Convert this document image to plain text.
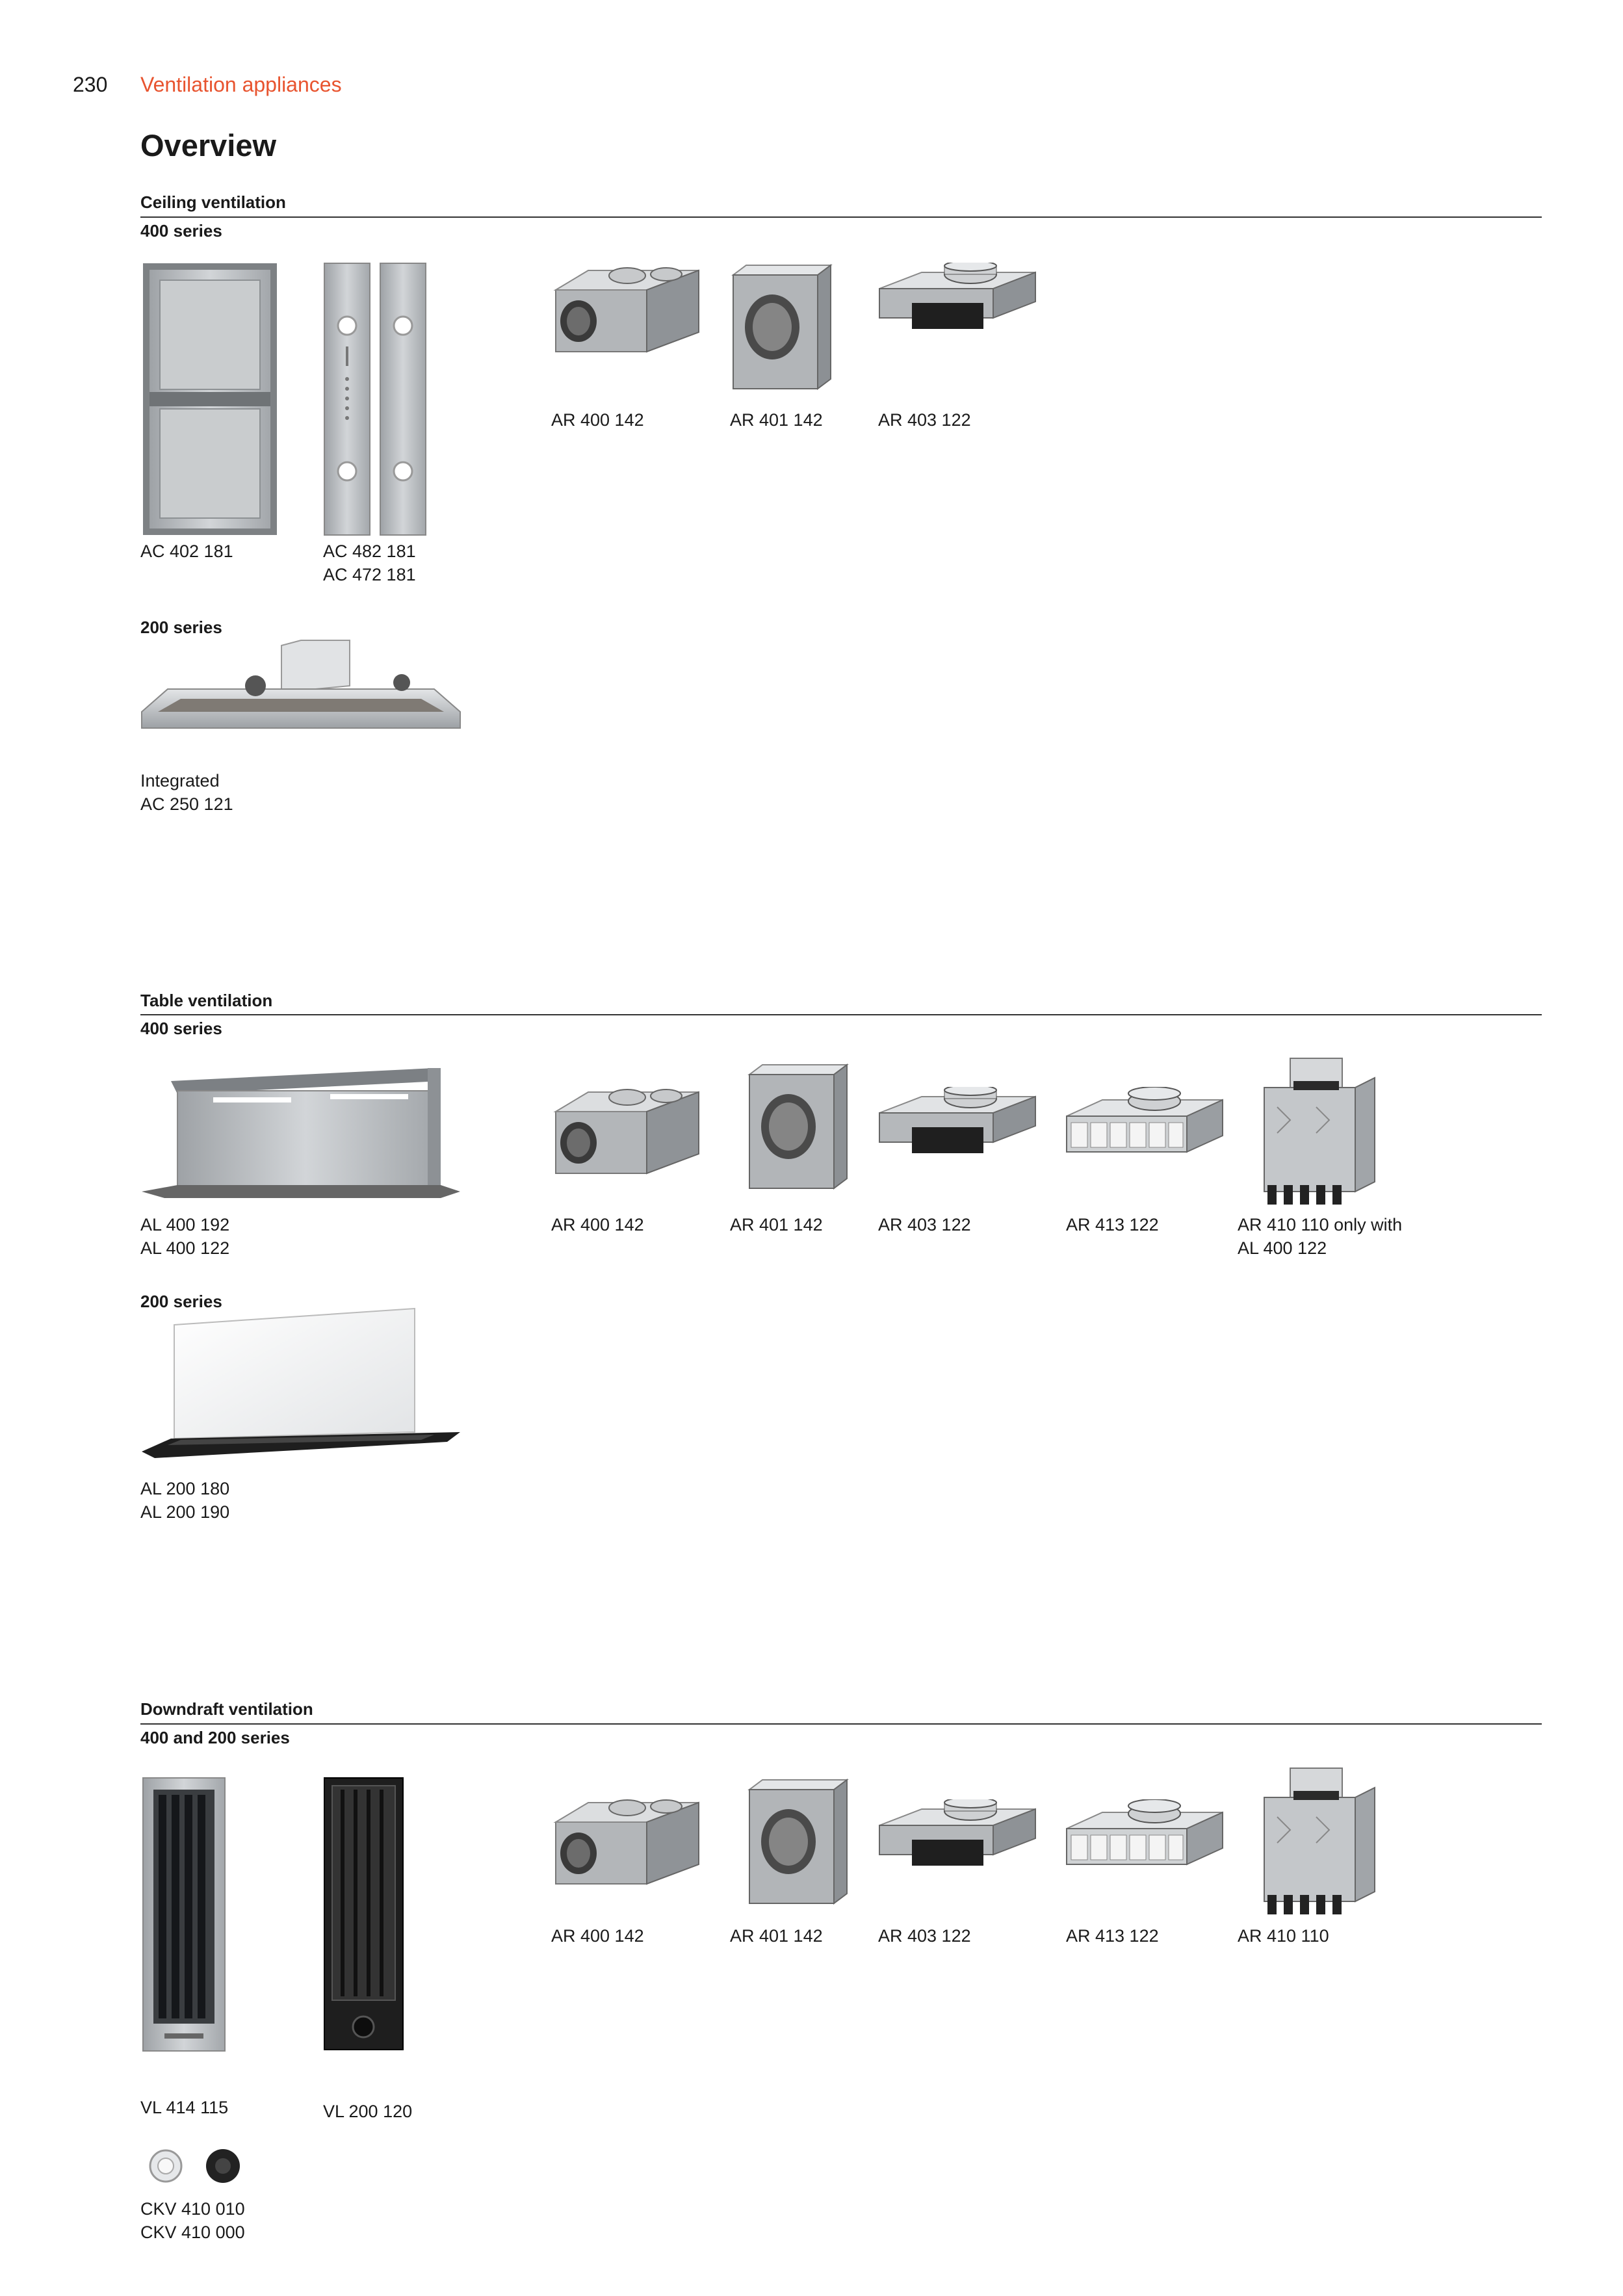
230 Ventilation appliances
Overview
Ceiling ventilation
400 series
AR 400 142	AR 401 142	AR 403 122
AC 402 181	AC 482 181
AC 472 181
200 series
Integrated
AC 250 121
Table ventilation
400 series
AL 400 192
AL 400 122
AR 400 142	AR 401 142	AR 403 122	AR 413 122	AR 410 110 only with
AL 400 122
200 series
AL 200 180
AL 200 190
Downdraft ventilation
400 and 200 series
AR 400 142	AR 401 142	AR 403 122	AR 413 122	AR 410 110
VL 414 115	VL 200 120
CKV 410 010
CKV 410 000
